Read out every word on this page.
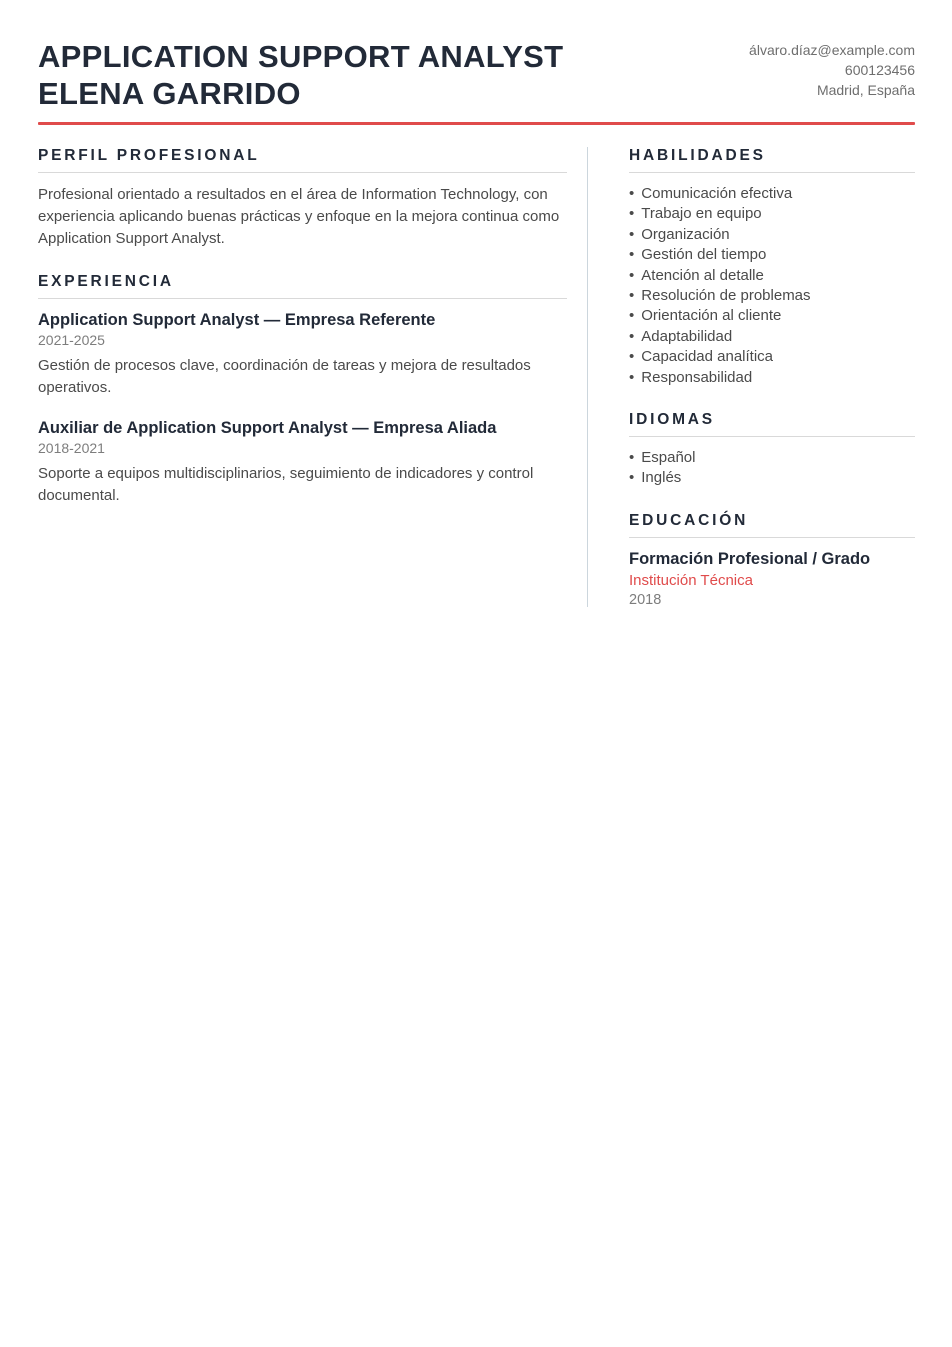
APPLICATION SUPPORT ANALYST
ELENA GARRIDO
álvaro.díaz@example.com
600123456
Madrid, España
PERFIL PROFESIONAL
Profesional orientado a resultados en el área de Information Technology, con experiencia aplicando buenas prácticas y enfoque en la mejora continua como Application Support Analyst.
EXPERIENCIA
Application Support Analyst — Empresa Referente
2021-2025
Gestión de procesos clave, coordinación de tareas y mejora de resultados operativos.
Auxiliar de Application Support Analyst — Empresa Aliada
2018-2021
Soporte a equipos multidisciplinarios, seguimiento de indicadores y control documental.
HABILIDADES
• Comunicación efectiva
• Trabajo en equipo
• Organización
• Gestión del tiempo
• Atención al detalle
• Resolución de problemas
• Orientación al cliente
• Adaptabilidad
• Capacidad analítica
• Responsabilidad
IDIOMAS
• Español
• Inglés
EDUCACIÓN
Formación Profesional / Grado
Institución Técnica
2018
